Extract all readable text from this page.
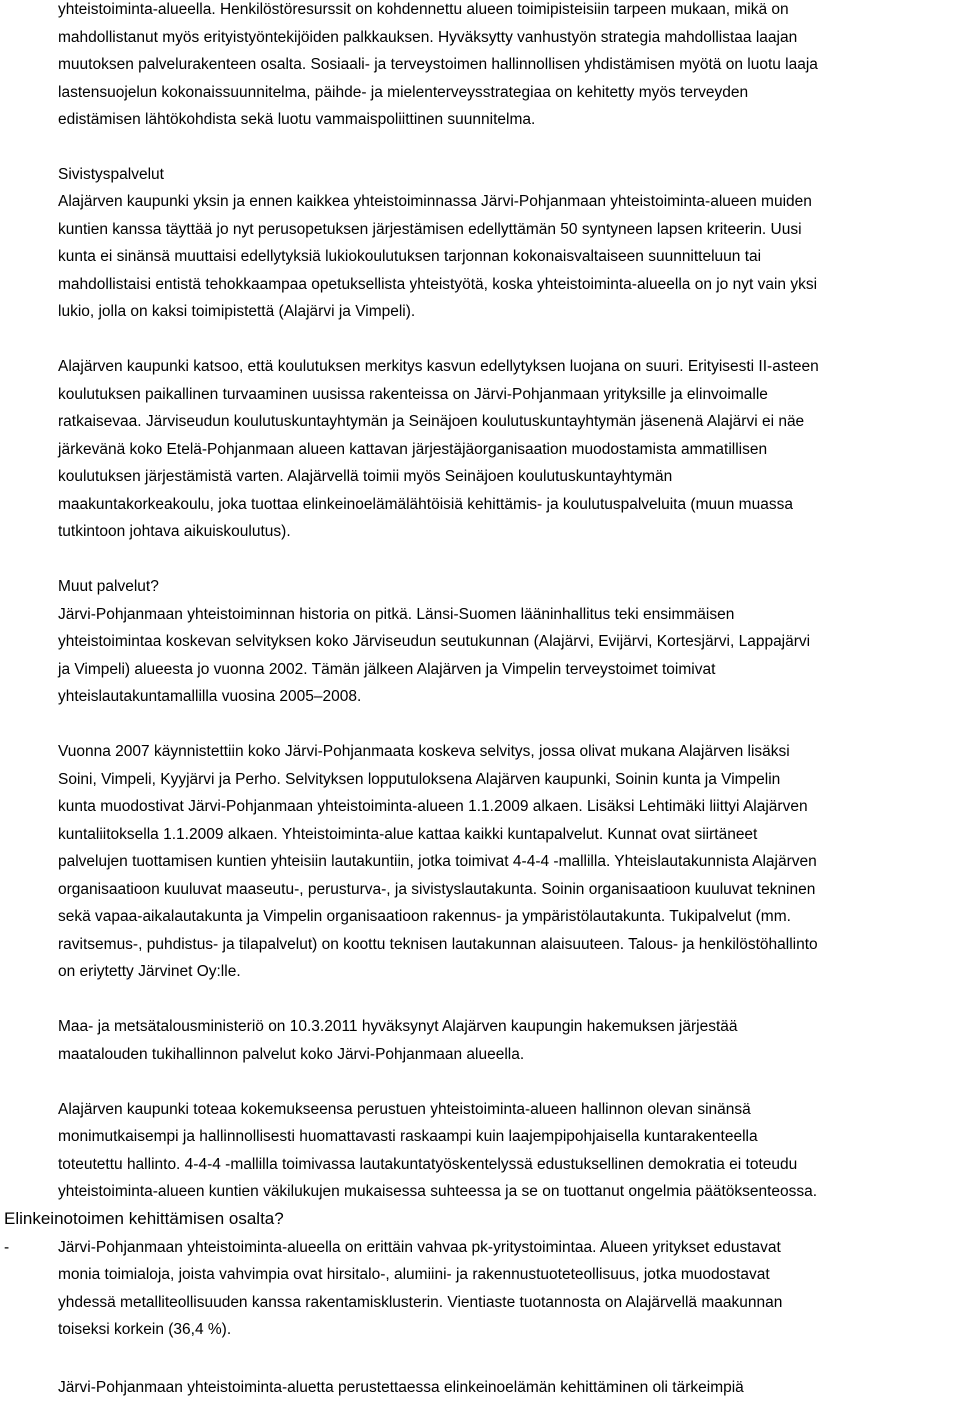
yhteistoiminta-alueella. Henkilöstöresurssit on kohdennettu alueen toimipisteisiin tarpeen mukaan, mikä on
mahdollistanut myös erityistyöntekijöiden palkkauksen. Hyväksytty vanhustyön strategia mahdollistaa laajan
muutoksen palvelurakenteen osalta. Sosiaali- ja terveystoimen hallinnollisen yhdistämisen myötä on luotu laaja
lastensuojelun kokonaissuunnitelma, päihde- ja mielenterveysstrategiaa on kehitetty myös terveyden
edistämisen lähtökohdista sekä luotu vammaispoliittinen suunnitelma.
Sivistyspalvelut
Alajärven kaupunki yksin ja ennen kaikkea yhteistoiminnassa Järvi-Pohjanmaan yhteistoiminta-alueen muiden
kuntien kanssa täyttää jo nyt perusopetuksen järjestämisen edellyttämän 50 syntyneen lapsen kriteerin. Uusi
kunta ei sinänsä muuttaisi edellytyksiä lukiokoulutuksen tarjonnan kokonaisvaltaiseen suunnitteluun tai
mahdollistaisi entistä tehokkaampaa opetuksellista yhteistyötä, koska yhteistoiminta-alueella on jo nyt vain yksi
lukio, jolla on kaksi toimipistettä (Alajärvi ja Vimpeli).
Alajärven kaupunki katsoo, että koulutuksen merkitys kasvun edellytyksen luojana on suuri. Erityisesti II-asteen
koulutuksen paikallinen turvaaminen uusissa rakenteissa on Järvi-Pohjanmaan yrityksille ja elinvoimalle
ratkaisevaa. Järviseudun koulutuskuntayhtymän ja Seinäjoen koulutuskuntayhtymän jäsenenä Alajärvi ei näe
järkevänä koko Etelä-Pohjanmaan alueen kattavan järjestäjäorganisaation muodostamista ammatillisen
koulutuksen järjestämistä varten. Alajärvellä toimii myös Seinäjoen koulutuskuntayhtymän
maakuntakorkeakoulu, joka tuottaa elinkeinoelämälähtöisiä kehittämis- ja koulutuspalveluita (muun muassa
tutkintoon johtava aikuiskoulutus).
Muut palvelut?
Järvi-Pohjanmaan yhteistoiminnan historia on pitkä. Länsi-Suomen lääninhallitus teki ensimmäisen
yhteistoimintaa koskevan selvityksen koko Järviseudun seutukunnan (Alajärvi, Evijärvi, Kortesjärvi, Lappajärvi
ja Vimpeli) alueesta jo vuonna 2002. Tämän jälkeen Alajärven ja Vimpelin terveystoimet toimivat
yhteislautakuntamallilla vuosina 2005–2008.
Vuonna 2007 käynnistettiin koko Järvi-Pohjanmaata koskeva selvitys, jossa olivat mukana Alajärven lisäksi
Soini, Vimpeli, Kyyjärvi ja Perho. Selvityksen lopputuloksena Alajärven kaupunki, Soinin kunta ja Vimpelin
kunta muodostivat Järvi-Pohjanmaan yhteistoiminta-alueen 1.1.2009 alkaen. Lisäksi Lehtimäki liittyi Alajärven
kuntaliitoksella 1.1.2009 alkaen. Yhteistoiminta-alue kattaa kaikki kuntapalvelut. Kunnat ovat siirtäneet
palvelujen tuottamisen kuntien yhteisiin lautakuntiin, jotka toimivat 4-4-4 -mallilla. Yhteislautakunnista Alajärven
organisaatioon kuuluvat maaseutu-, perusturva-, ja sivistyslautakunta. Soinin organisaatioon kuuluvat tekninen
sekä vapaa-aikalautakunta ja Vimpelin organisaatioon rakennus- ja ympäristölautakunta. Tukipalvelut (mm.
ravitsemus-, puhdistus- ja tilapalvelut) on koottu teknisen lautakunnan alaisuuteen. Talous- ja henkilöstöhallinto
on eriytetty Järvinet Oy:lle.
Maa- ja metsätalousministeriö on 10.3.2011 hyväksynyt Alajärven kaupungin hakemuksen järjestää
maatalouden tukihallinnon palvelut koko Järvi-Pohjanmaan alueella.
Alajärven kaupunki toteaa kokemukseensa perustuen yhteistoiminta-alueen hallinnon olevan sinänsä
monimutkaisempi ja hallinnollisesti huomattavasti raskaampi kuin laajempipohjaisella kuntarakenteella
toteutettu hallinto. 4-4-4 -mallilla toimivassa lautakuntatyöskentelyssä edustuksellinen demokratia ei toteudu
yhteistoiminta-alueen kuntien väkilukujen mukaisessa suhteessa ja se on tuottanut ongelmia päätöksenteossa.
Elinkeinotoimen kehittämisen osalta?
-	Järvi-Pohjanmaan yhteistoiminta-alueella on erittäin vahvaa pk-yritystoimintaa. Alueen yritykset edustavat
monia toimialoja, joista vahvimpia ovat hirsitalo-, alumiini- ja rakennustuoteteollisuus, jotka muodostavat
yhdessä metalliteollisuuden kanssa rakentamisklusterin. Vientiaste tuotannosta on Alajärvellä maakunnan
toiseksi korkein (36,4 %).
Järvi-Pohjanmaan yhteistoiminta-aluetta perustettaessa elinkeinoelämän kehittäminen oli tärkeimpiä
